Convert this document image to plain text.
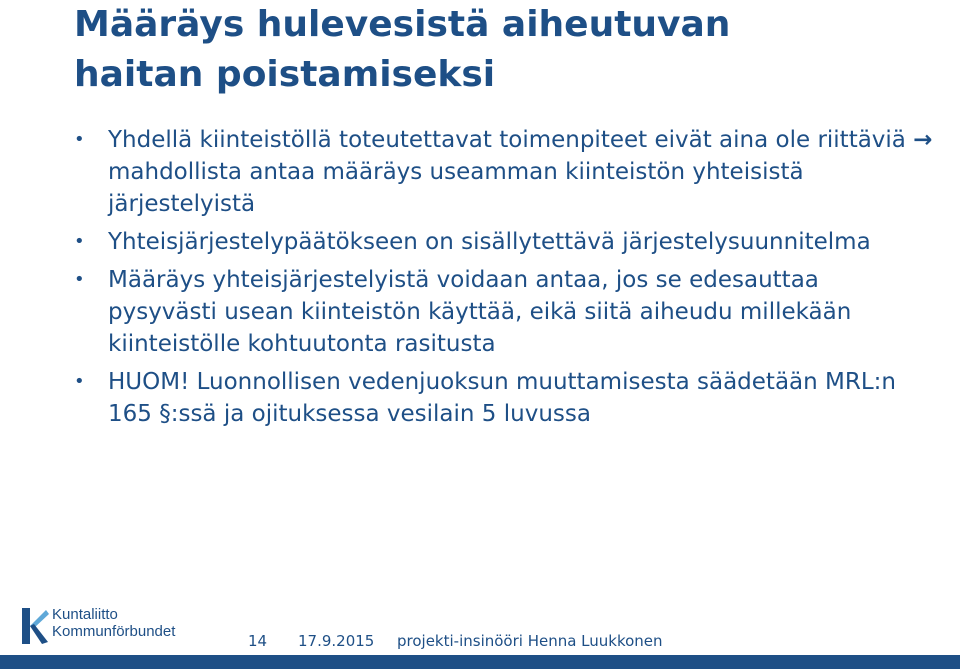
Määräys hulevesistä aiheutuvan
haitan poistamiseksi
• Yhdellä kiinteistöllä toteutettavat toimenpiteet eivät aina ole riittäviä → mahdollista antaa määräys useamman kiinteistön yhteisistä järjestelyistä
• Yhteisjärjestelypäätökseen on sisällytettävä järjestelysuunnitelma
• Määräys yhteisjärjestelyistä voidaan antaa, jos se edesauttaa pysyvästi usean kiinteistön käyttää, eikä siitä aiheudu millekään kiinteistölle kohtuutonta rasitusta
• HUOM! Luonnollisen vedenjuoksun muuttamisesta säädetään MRL:n 165 §:ssä ja ojituksessa vesilain 5 luvussa
Kuntaliitto
Kommunförbundet
14 17.9.2015 projekti-insinööri Henna Luukkonen
